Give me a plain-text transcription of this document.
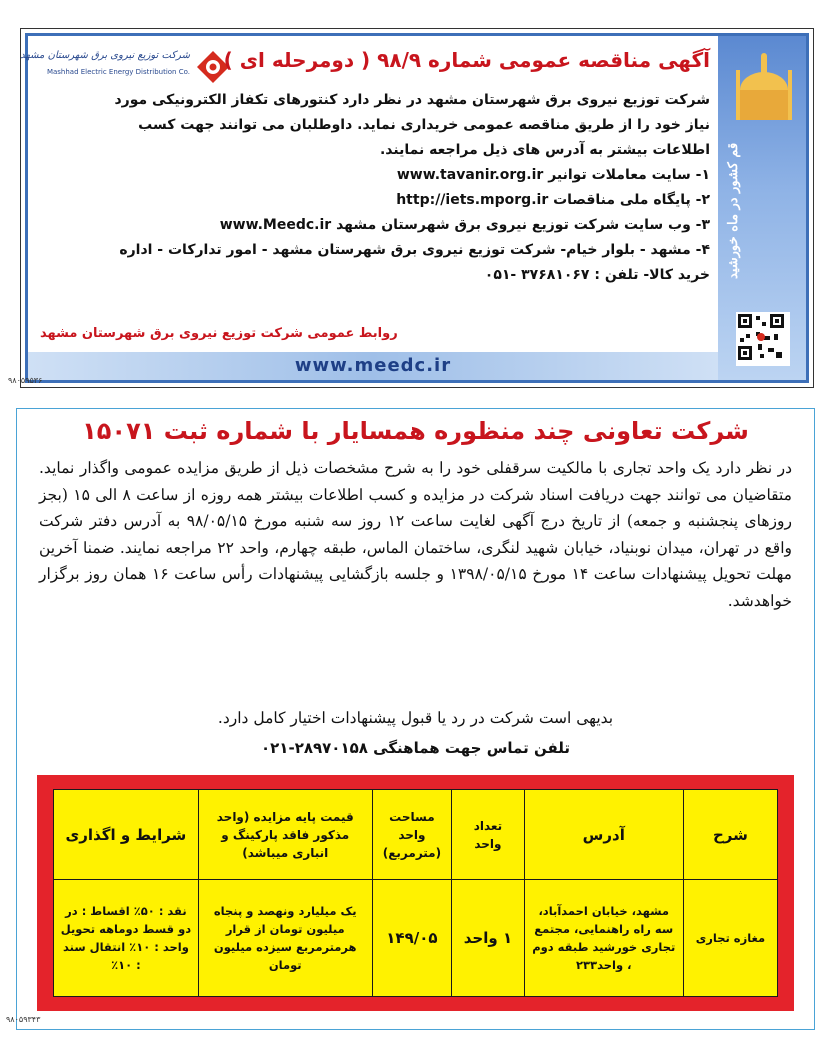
قم کشور در ماه خورشید
شرکت توزیع نیروی برق شهرستان مشهد
Mashhad Electric Energy Distribution Co. آگهی مناقصه عمومی شماره ۹۸/۹ ( دومرحله ای )

شرکت توزیع نیروی برق شهرستان مشهد در نظر دارد کنتورهای تکفاز الکترونیکی مورد نیاز خود را از طریق مناقصه عمومی خریداری نماید. داوطلبان می توانند جهت کسب اطلاعات بیشتر به آدرس های ذیل مراجعه نمایند.

۱- سایت معاملات توانیر www.tavanir.org.ir
۲- پایگاه ملی مناقصات http://iets.mporg.ir
۳- وب سایت شرکت توزیع نیروی برق شهرستان مشهد www.Meedc.ir
۴- مشهد - بلوار خیام- شرکت توزیع نیروی برق شهرستان مشهد - امور تدارکات - اداره خرید کالا- تلفن : ۳۷۶۸۱۰۶۷ -۰۵۱
روابط عمومی شرکت توزیع نیروی برق شهرستان مشهد
www.meedc.ir
۹۸۰۵۹۵۳۶
شرکت تعاونی چند منظوره همسایار با شماره ثبت ۱۵۰۷۱

در نظر دارد یک واحد تجاری با مالکیت سرقفلی خود را به شرح مشخصات ذیل از طریق مزایده عمومی واگذار نماید. متقاضیان می توانند جهت دریافت اسناد شرکت در مزایده و کسب اطلاعات بیشتر همه روزه از ساعت ۸ الی ۱۵ (بجز روزهای پنجشنبه و جمعه) از تاریخ درج آگهی لغایت ساعت ۱۲ روز سه شنبه مورخ ۹۸/۰۵/۱۵ به آدرس دفتر شرکت واقع در تهران، میدان نوبنیاد، خیابان شهید لنگری، ساختمان الماس، طبقه چهارم، واحد ۲۲ مراجعه نمایند. ضمنا آخرین مهلت تحویل پیشنهادات ساعت ۱۴ مورخ ۱۳۹۸/۰۵/۱۵ و جلسه بازگشایی پیشنهادات رأس ساعت ۱۶ همان روز برگزار خواهدشد.

بدیهی است شرکت در رد یا قبول پیشنهادات اختیار کامل دارد.
تلفن تماس جهت هماهنگی ۲۸۹۷۰۱۵۸-۰۲۱
شرح	آدرس	تعداد واحد	مساحت واحد (مترمربع)	قیمت پایه مزایده (واحد مذکور فاقد پارکینگ و انباری میباشد)	شرایط و اگذاری
مغازه تجاری	مشهد، خیابان احمدآباد، سه راه راهنمایی، مجتمع تجاری خورشید طبقه دوم ، واحد۲۳۳	۱ واحد	۱۴۹/۰۵	یک میلیارد ونهصد و پنجاه میلیون تومان از قرار هرمترمربع سیزده میلیون تومان	نقد : ۵۰٪ اقساط : در دو قسط دوماهه تحویل واحد : ۱۰٪ انتقال سند : ۱۰٪
۹۸۰۵۹۳۴۳
